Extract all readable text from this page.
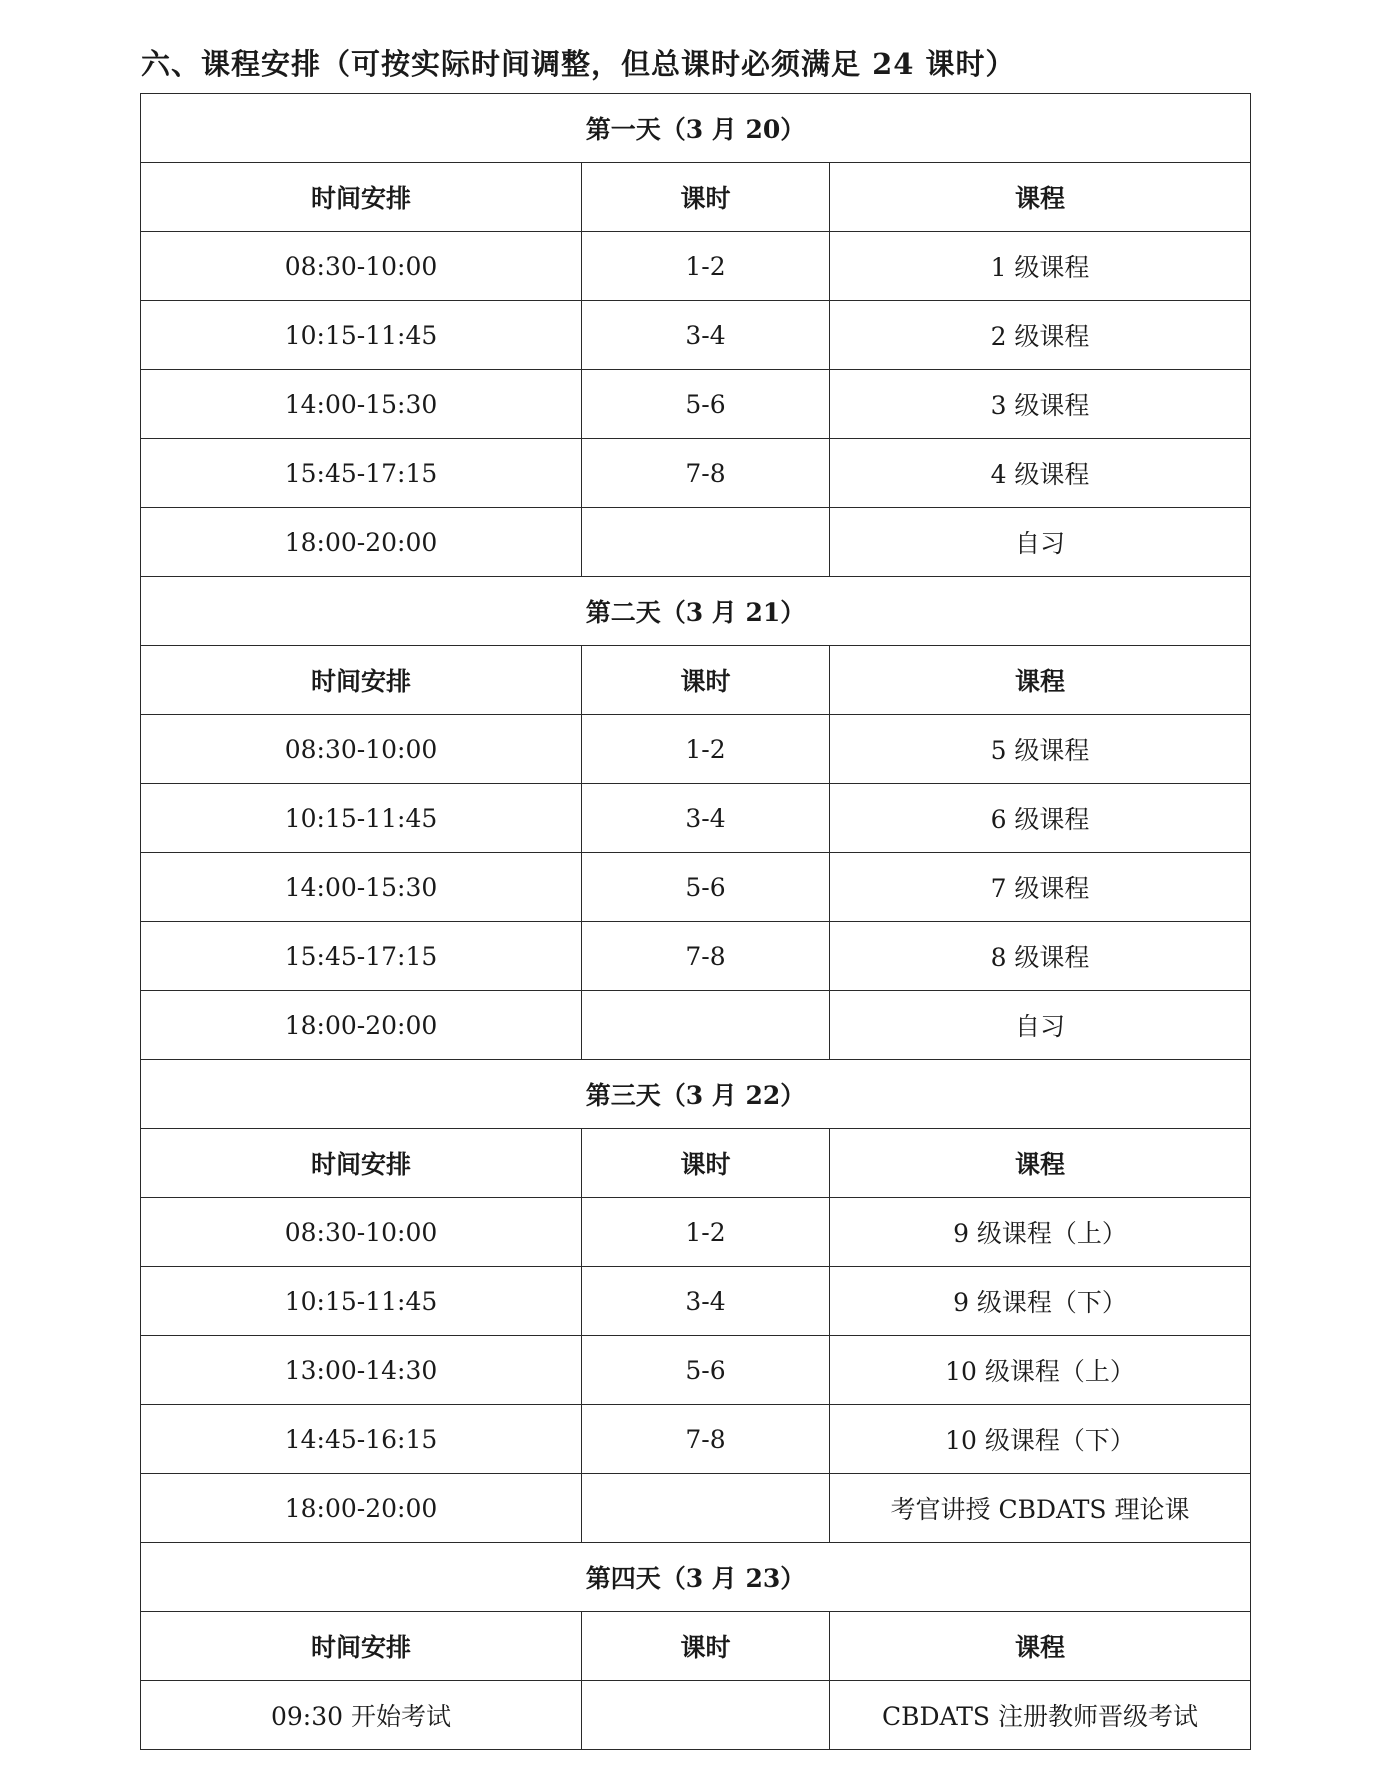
六、课程安排（可按实际时间调整，但总课时必须满足 24 课时）
第一天（3 月 20）		
时间安排	课时	课程
08:30-10:00	1-2	1 级课程
10:15-11:45	3-4	2 级课程
14:00-15:30	5-6	3 级课程
15:45-17:15	7-8	4 级课程
18:00-20:00		自习
第二天（3 月 21）		
时间安排	课时	课程
08:30-10:00	1-2	5 级课程
10:15-11:45	3-4	6 级课程
14:00-15:30	5-6	7 级课程
15:45-17:15	7-8	8 级课程
18:00-20:00		自习
第三天（3 月 22）		
时间安排	课时	课程
08:30-10:00	1-2	9 级课程（上）
10:15-11:45	3-4	9 级课程（下）
13:00-14:30	5-6	10 级课程（上）
14:45-16:15	7-8	10 级课程（下）
18:00-20:00		考官讲授 CBDATS 理论课
第四天（3 月 23）		
时间安排	课时	课程
09:30 开始考试		CBDATS 注册教师晋级考试
